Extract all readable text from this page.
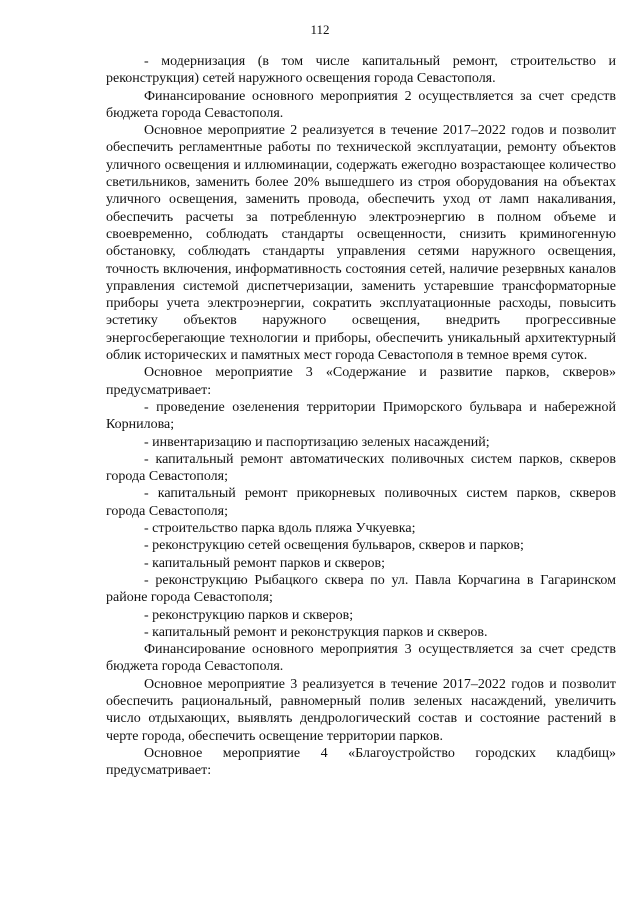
112

- модернизация (в том числе капитальный ремонт, строительство и реконструкция) сетей наружного освещения города Севастополя.

Финансирование основного мероприятия 2 осуществляется за счет средств бюджета города Севастополя.

Основное мероприятие 2 реализуется в течение 2017–2022 годов и позволит обеспечить регламентные работы по технической эксплуатации, ремонту объектов уличного освещения и иллюминации, содержать ежегодно возрастающее количество светильников, заменить более 20% вышедшего из строя оборудования на объектах уличного освещения, заменить провода, обеспечить уход от ламп накаливания, обеспечить расчеты за потребленную электроэнергию в полном объеме и своевременно, соблюдать стандарты освещенности, снизить криминогенную обстановку, соблюдать стандарты управления сетями наружного освещения, точность включения, информативность состояния сетей, наличие резервных каналов управления системой диспетчеризации, заменить устаревшие трансформаторные приборы учета электроэнергии, сократить эксплуатационные расходы, повысить эстетику объектов наружного освещения, внедрить прогрессивные энергосберегающие технологии и приборы, обеспечить уникальный архитектурный облик исторических и памятных мест города Севастополя в темное время суток.

Основное мероприятие 3 «Содержание и развитие парков, скверов» предусматривает:

- проведение озеленения территории Приморского бульвара и набережной Корнилова;

- инвентаризацию и паспортизацию зеленых насаждений;

- капитальный ремонт автоматических поливочных систем парков, скверов города Севастополя;

- капитальный ремонт прикорневых поливочных систем парков, скверов города Севастополя;

- строительство парка вдоль пляжа Учкуевка;

- реконструкцию сетей освещения бульваров, скверов и парков;

- капитальный ремонт парков и скверов;

- реконструкцию Рыбацкого сквера по ул. Павла Корчагина в Гагаринском районе города Севастополя;

- реконструкцию парков и скверов;

- капитальный ремонт и реконструкция парков и скверов.

Финансирование основного мероприятия 3 осуществляется за счет средств бюджета города Севастополя.

Основное мероприятие 3 реализуется в течение 2017–2022 годов и позволит обеспечить рациональный, равномерный полив зеленых насаждений, увеличить число отдыхающих, выявлять дендрологический состав и состояние растений в черте города, обеспечить освещение территории парков.

Основное мероприятие 4 «Благоустройство городских кладбищ» предусматривает:
